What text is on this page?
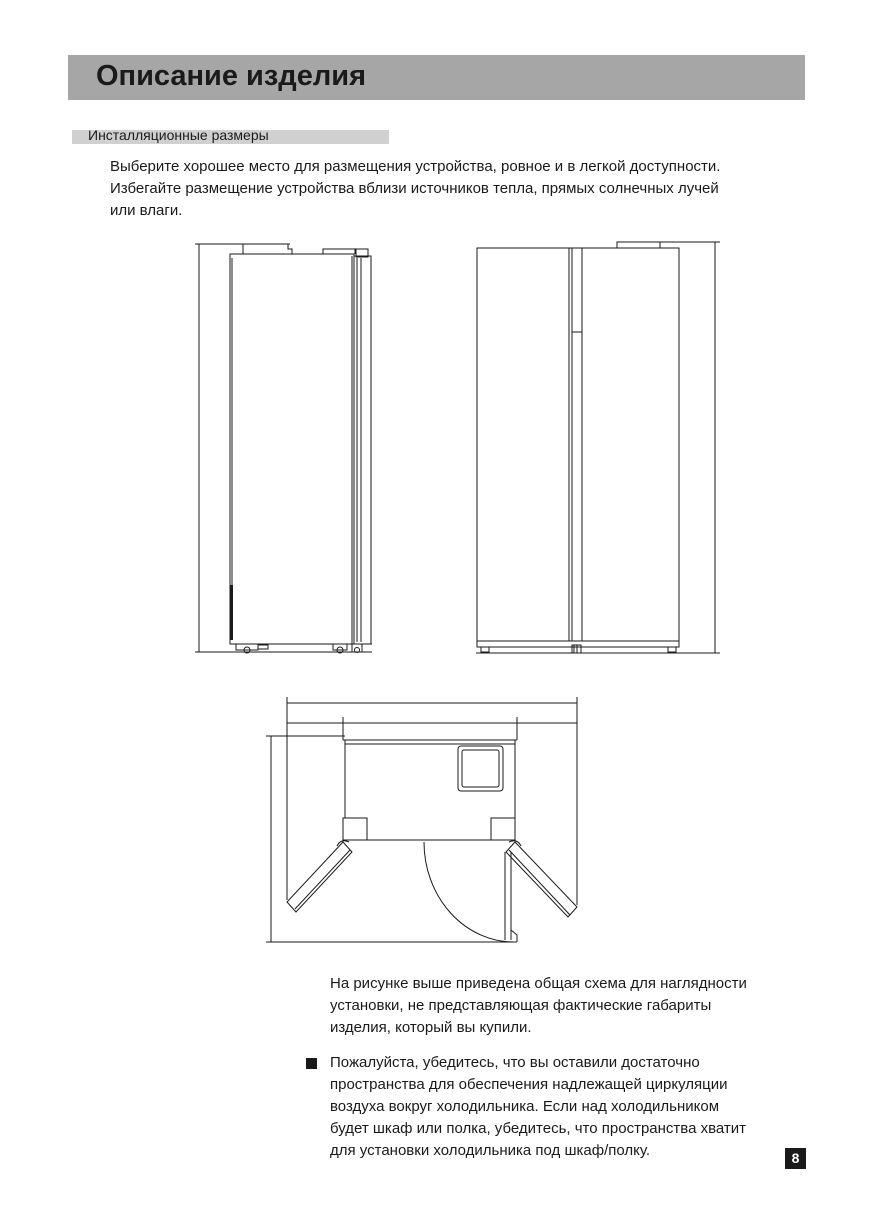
Описание изделия
Инсталляционные размеры

Выберите хорошее место для размещения устройства, ровное и в легкой доступности.
Избегайте размещение устройства вблизи источников тепла, прямых солнечных лучей
или влаги.

На рисунке выше приведена общая схема для наглядности
установки, не представляющая фактические габариты
изделия, который вы купили.

Пожалуйста, убедитесь, что вы оставили достаточно
пространства для обеспечения надлежащей циркуляции
воздуха вокруг холодильника. Если над холодильником
будет шкаф или полка, убедитесь, что пространства хватит
для установки холодильника под шкаф/полку.	8
